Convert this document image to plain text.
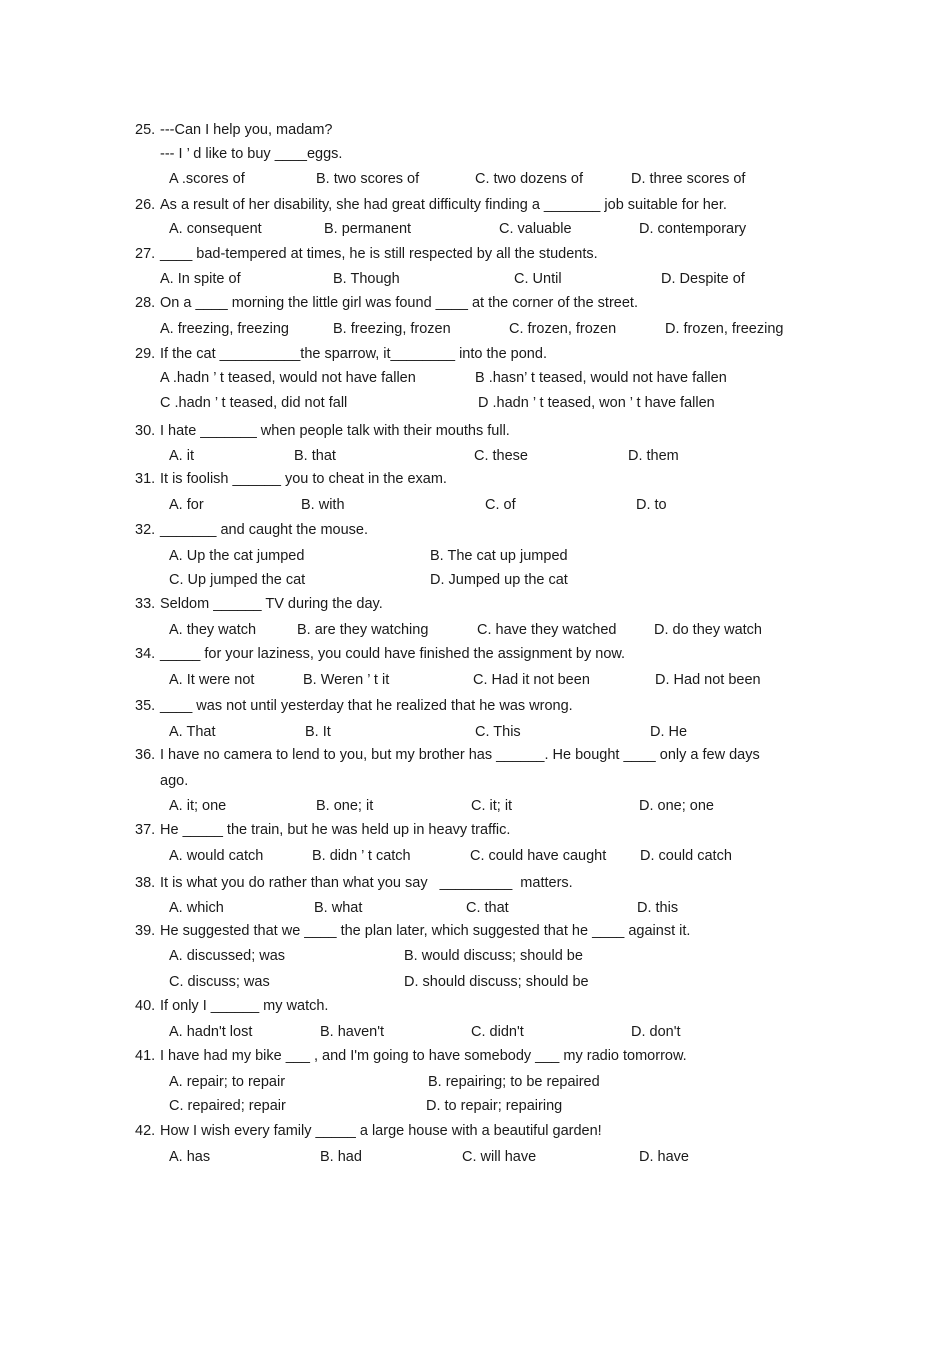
25. ---Can I help you, madam?
--- I ’ d like to buy ____eggs.
A .scores of	B. two scores of	C. two dozens of	D. three scores of
26. As a result of her disability, she had great difficulty finding a _______ job suitable for her.
A. consequent	B. permanent	C. valuable	D. contemporary
27. ____ bad-tempered at times, he is still respected by all the students.
A. In spite of	B. Though	C. Until	D. Despite of
28. On a ____ morning the little girl was found ____ at the corner of the street.
A. freezing, freezing	B. freezing, frozen	C. frozen, frozen	D. frozen, freezing
29. If the cat __________the sparrow, it________ into the pond.
A .hadn ’ t teased, would not have fallen	B .hasn’ t teased, would not have fallen
C .hadn ’ t teased, did not fall	D .hadn ’ t teased, won ’ t have fallen
30. I hate _______ when people talk with their mouths full.
A. it	B. that	C. these	D. them
31. It is foolish ______ you to cheat in the exam.
A. for	B. with	C. of	D. to
32. _______ and caught the mouse.
A. Up the cat jumped	B. The cat up jumped
C. Up jumped the cat	D. Jumped up the cat
33. Seldom ______ TV during the day.
A. they watch	B. are they watching	C. have they watched	D. do they watch
34. _____ for your laziness, you could have finished the assignment by now.
A. It were not	B. Weren ’ t it	C. Had it not been	D. Had not been
35. ____ was not until yesterday that he realized that he was wrong.
A. That	B. It	C. This	D. He
36. I have no camera to lend to you, but my brother has ______. He bought ____ only a few days
ago.
A. it; one	B. one; it	C. it; it	D. one; one
37. He _____ the train, but he was held up in heavy traffic.
A. would catch	B. didn ’ t catch	C. could have caught D. could catch
38. It is what you do rather than what you say   _________  matters.
A. which	B. what	C. that	D. this
39. He suggested that we ____ the plan later, which suggested that he ____ against it.
A. discussed; was	B. would discuss; should be
C. discuss; was	D. should discuss; should be
40. If only I ______ my watch.
A. hadn't lost	B. haven't	C. didn't	D. don't
41. I have had my bike ___ , and I'm going to have somebody ___ my radio tomorrow.
A. repair; to repair	B. repairing; to be repaired
C. repaired; repair	D. to repair; repairing
42. How I wish every family _____ a large house with a beautiful garden!
A. has	B. had	C. will have	D. have
